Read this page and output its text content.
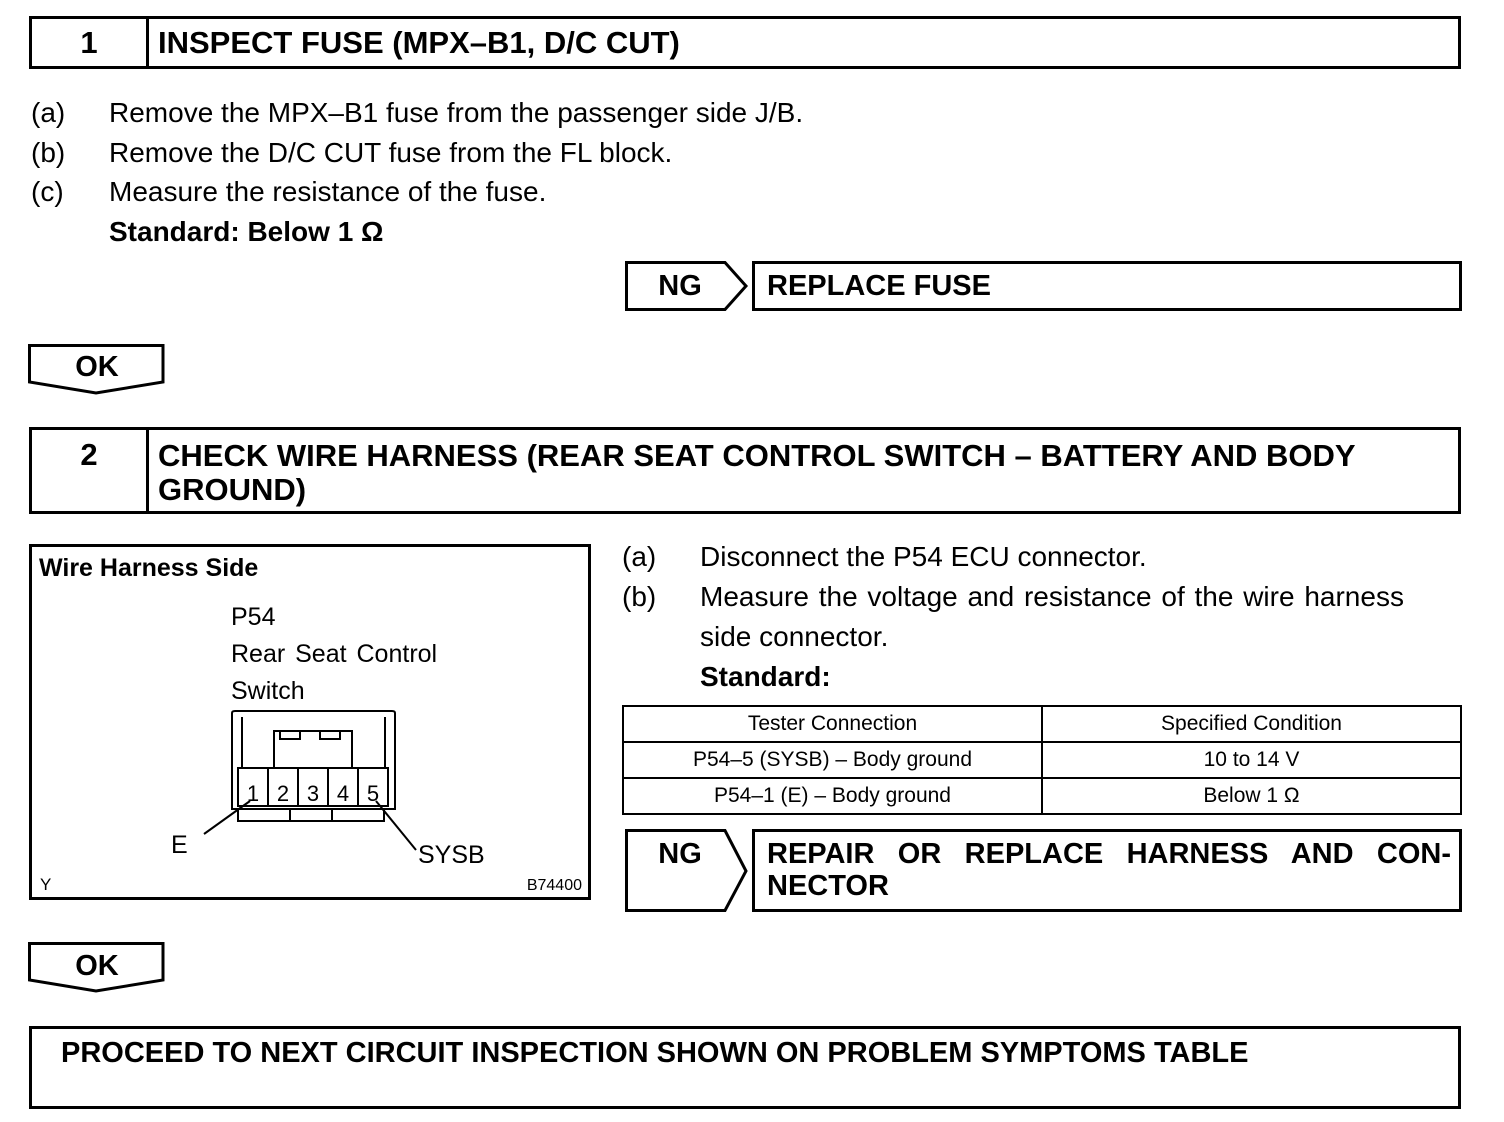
1	INSPECT FUSE (MPX–B1, D/C CUT)
(a) Remove the MPX–B1 fuse from the passenger side J/B.
(b) Remove the D/C CUT fuse from the FL block.
(c) Measure the resistance of the fuse.
Standard: Below 1 Ω
NG	REPLACE FUSE
OK
2	CHECK WIRE HARNESS (REAR SEAT CONTROL SWITCH – BATTERY AND BODY
GROUND)
Wire Harness Side
P54
Rear Seat Control
Switch
1 2 3 4 5
E	SYSB
Y	B74400
(a) Disconnect the P54 ECU connector.
(b) Measure the voltage and resistance of the wire harness
side connector.
Standard:
Tester Connection	Specified Condition
P54–5 (SYSB) – Body ground	10 to 14 V
P54–1 (E) – Body ground	Below 1 Ω
NG	REPAIR OR REPLACE HARNESS AND CON-
NECTOR
OK
PROCEED TO NEXT CIRCUIT INSPECTION SHOWN ON PROBLEM SYMPTOMS TABLE
